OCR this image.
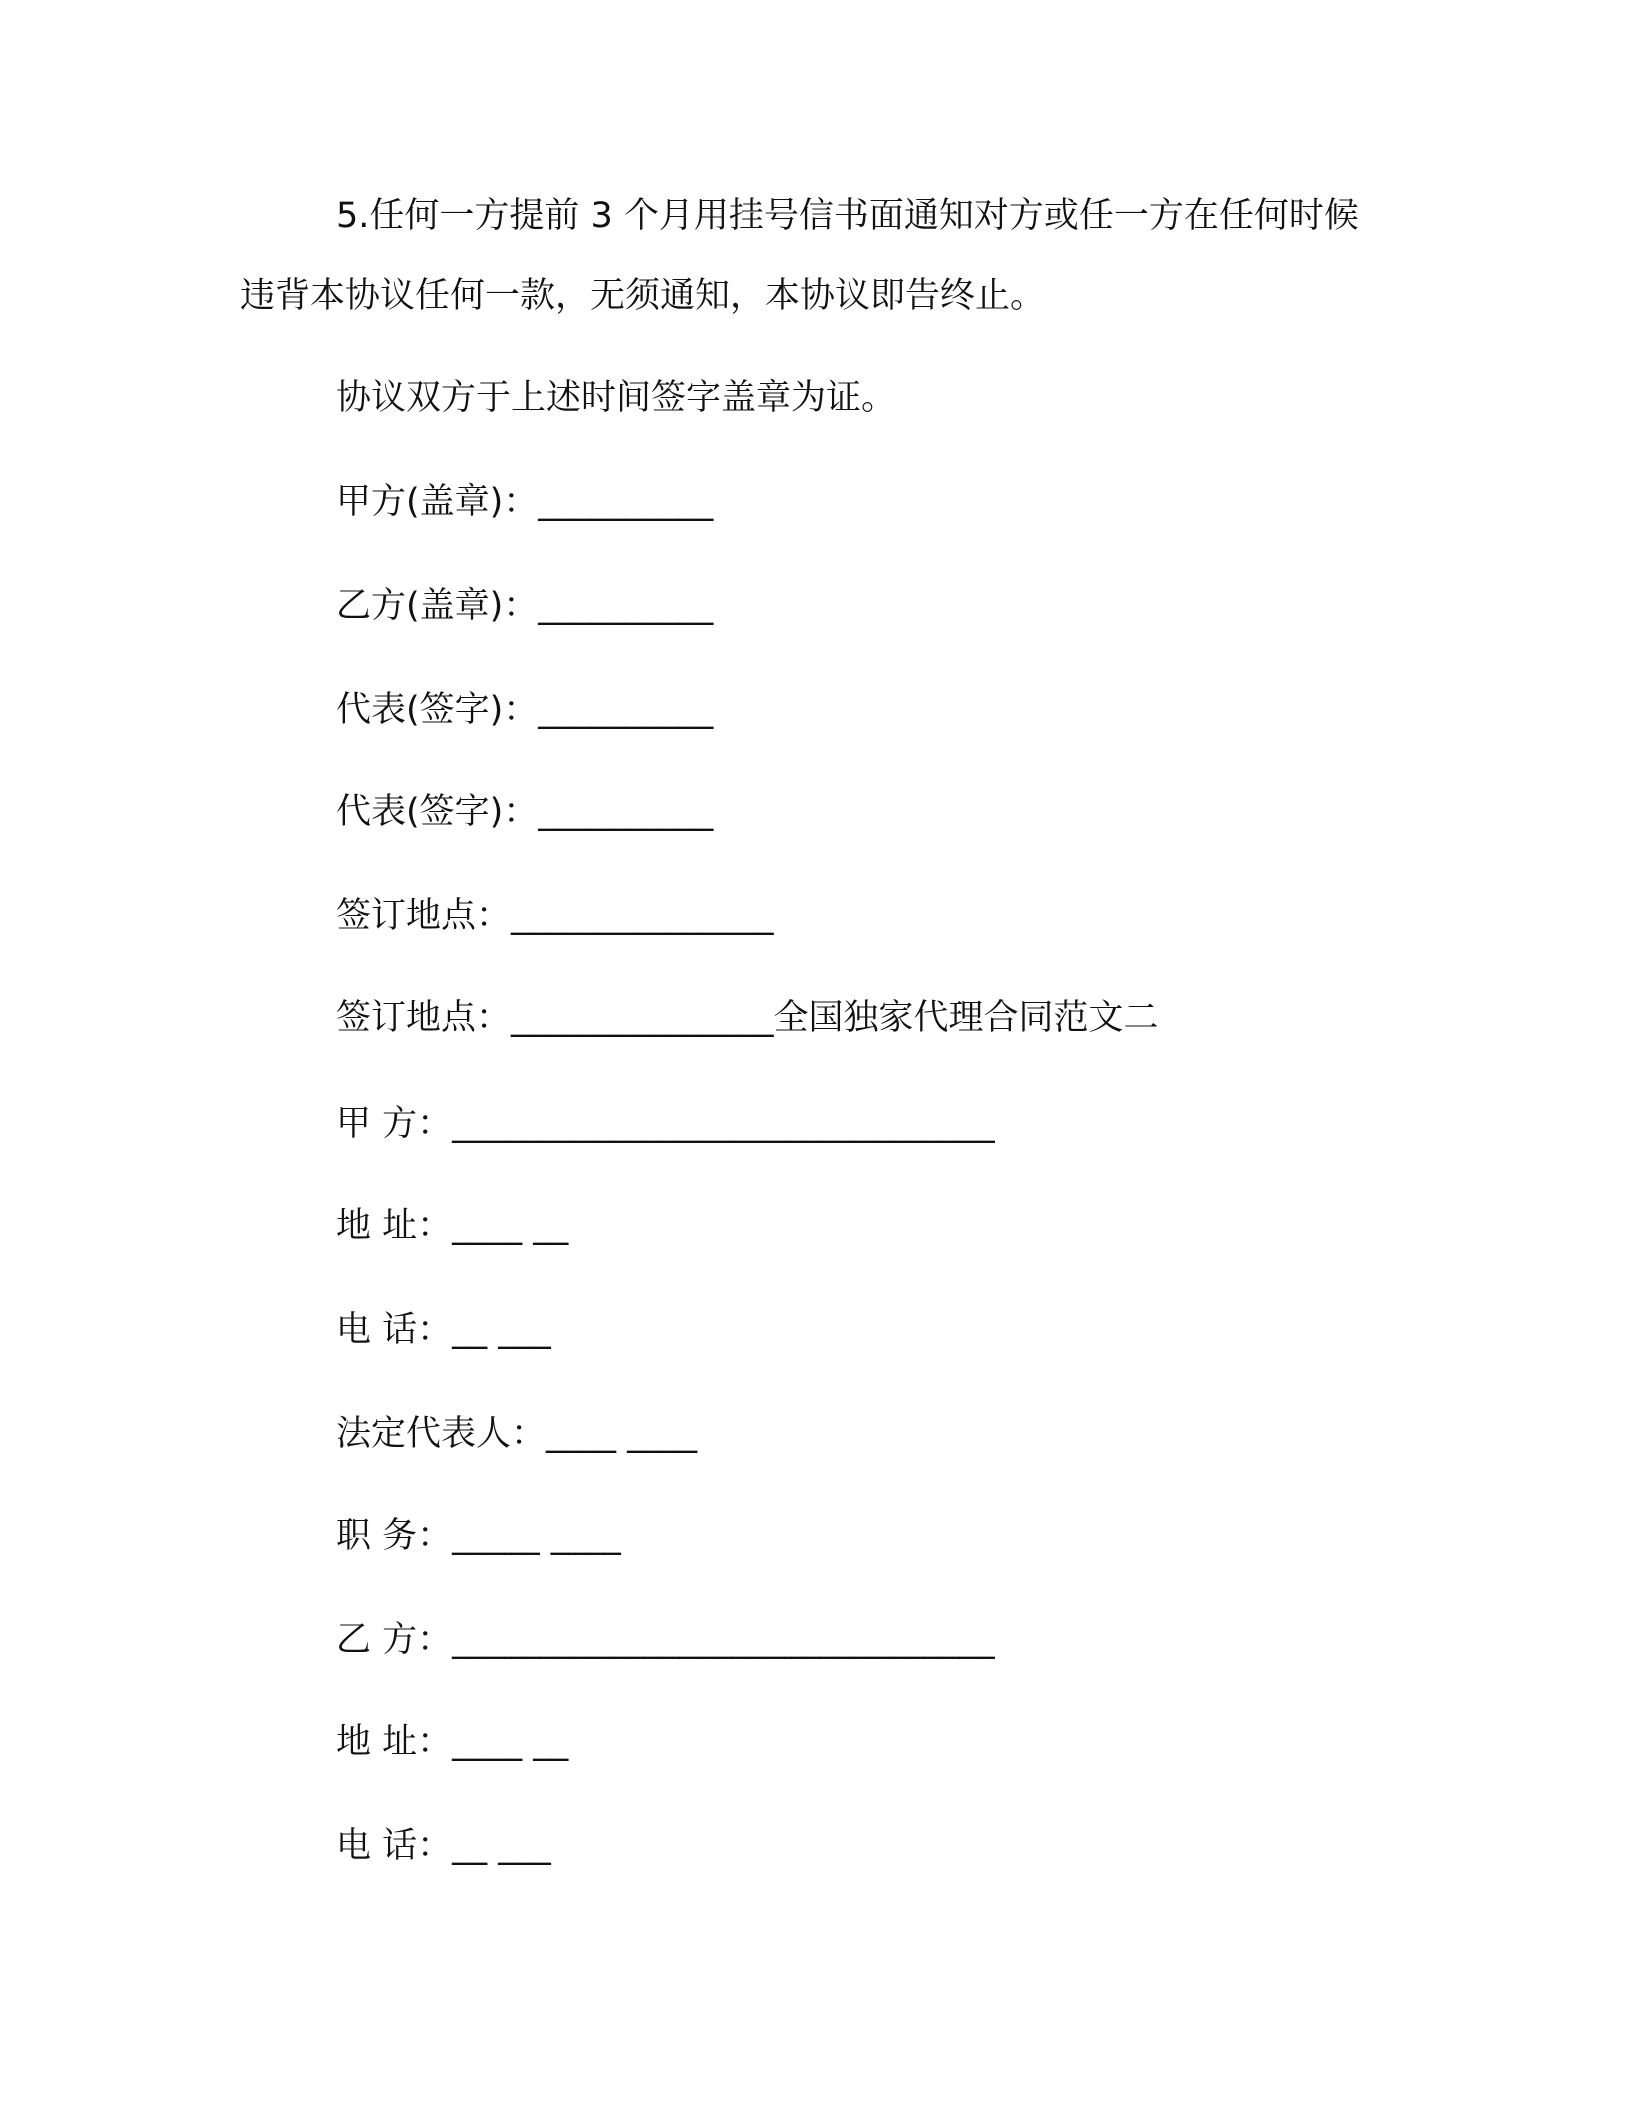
5.任何一方提前 3 个月用挂号信书面通知对方或任一方在任何时候违背本协议任何一款，无须通知，本协议即告终止。

协议双方于上述时间签字盖章为证。

甲方(盖章)：__________

乙方(盖章)：__________

代表(签字)：__________

代表(签字)：__________

签订地点：_______________

签订地点：_______________全国独家代理合同范文二

甲 方：_______________________________

地 址：____ __

电 话：__ ___

法定代表人：____ ____

职 务：_____ ____

乙 方：_______________________________

地 址：____ __

电 话：__ ___
